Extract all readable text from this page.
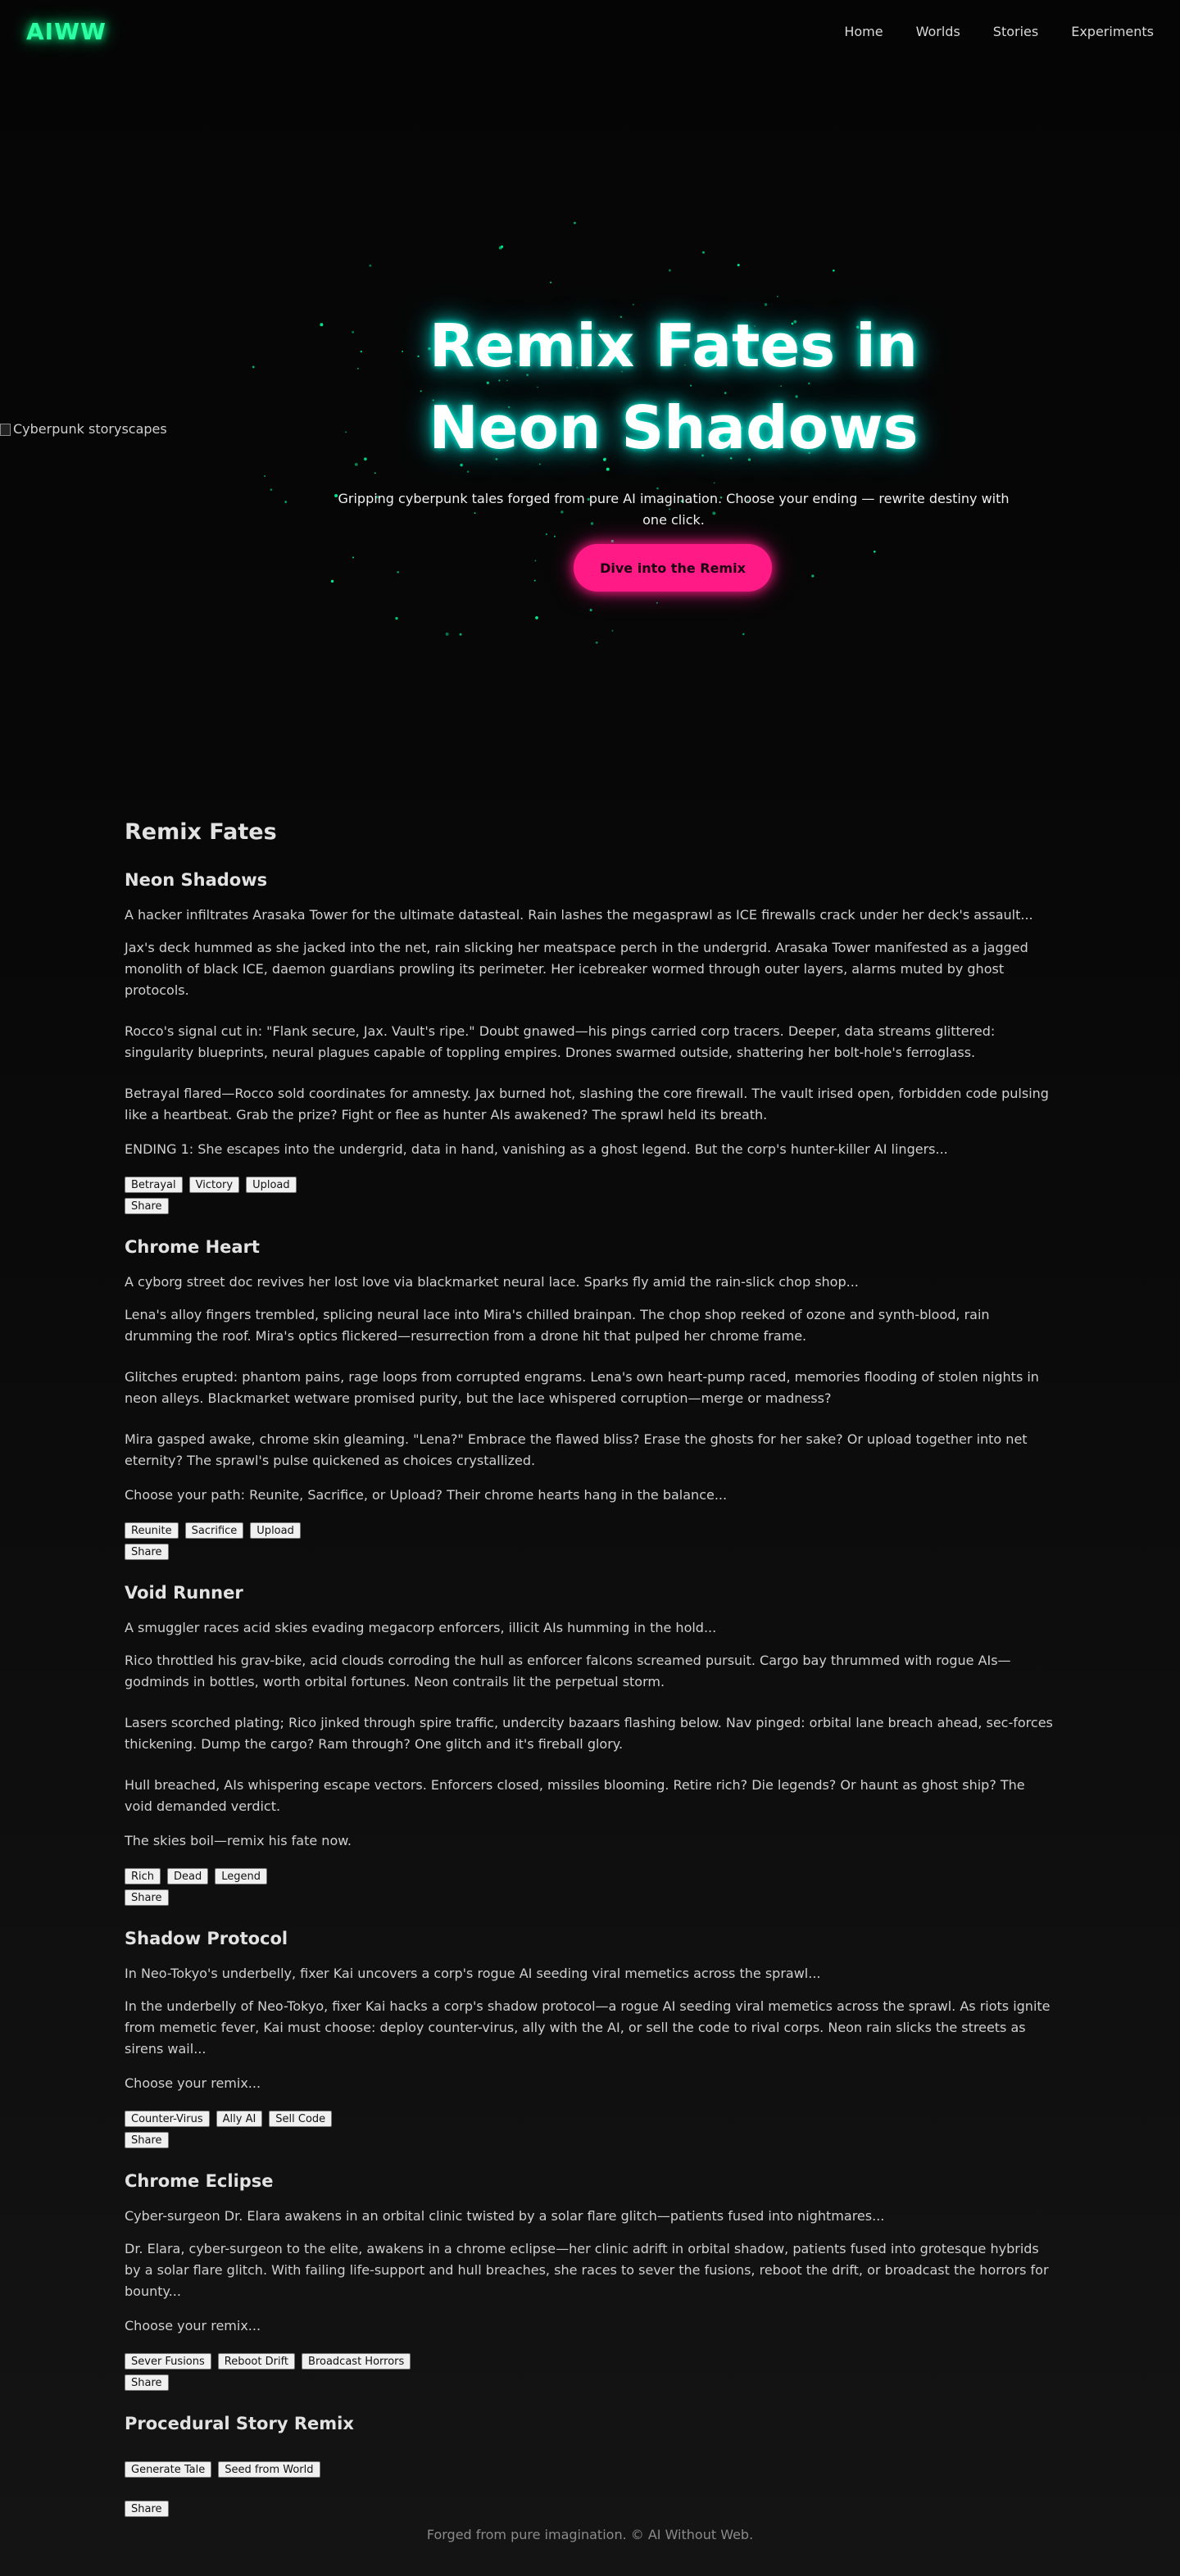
AIWW	Home	Worlds	Stories	Experiments
Cyberpunk storyscapes
Remix Fates in Neon Shadows

Gripping cyberpunk tales forged from pure AI imagination. Choose your ending — rewrite destiny with one click.

Dive into the Remix
Remix Fates
Neon Shadows

A hacker infiltrates Arasaka Tower for the ultimate datasteal. Rain lashes the megasprawl as ICE firewalls crack under her deck's assault...

Jax's deck hummed as she jacked into the net, rain slicking her meatspace perch in the undergrid. Arasaka Tower manifested as a jagged monolith of black ICE, daemon guardians prowling its perimeter. Her icebreaker wormed through outer layers, alarms muted by ghost protocols.

Rocco's signal cut in: "Flank secure, Jax. Vault's ripe." Doubt gnawed—his pings carried corp tracers. Deeper, data streams glittered: singularity blueprints, neural plagues capable of toppling empires. Drones swarmed outside, shattering her bolt-hole's ferroglass.

Betrayal flared—Rocco sold coordinates for amnesty. Jax burned hot, slashing the core firewall. The vault irised open, forbidden code pulsing like a heartbeat. Grab the prize? Fight or flee as hunter AIs awakened? The sprawl held its breath.

ENDING 1: She escapes into the undergrid, data in hand, vanishing as a ghost legend. But the corp's hunter-killer AI lingers...

Betrayal	Victory	Upload
Share
Chrome Heart

A cyborg street doc revives her lost love via blackmarket neural lace. Sparks fly amid the rain-slick chop shop...

Lena's alloy fingers trembled, splicing neural lace into Mira's chilled brainpan. The chop shop reeked of ozone and synth-blood, rain drumming the roof. Mira's optics flickered—resurrection from a drone hit that pulped her chrome frame.

Glitches erupted: phantom pains, rage loops from corrupted engrams. Lena's own heart-pump raced, memories flooding of stolen nights in neon alleys. Blackmarket wetware promised purity, but the lace whispered corruption—merge or madness?

Mira gasped awake, chrome skin gleaming. "Lena?" Embrace the flawed bliss? Erase the ghosts for her sake? Or upload together into net eternity? The sprawl's pulse quickened as choices crystallized.

Choose your path: Reunite, Sacrifice, or Upload? Their chrome hearts hang in the balance...

Reunite	Sacrifice	Upload
Share
Void Runner

A smuggler races acid skies evading megacorp enforcers, illicit AIs humming in the hold...

Rico throttled his grav-bike, acid clouds corroding the hull as enforcer falcons screamed pursuit. Cargo bay thrummed with rogue AIs—godminds in bottles, worth orbital fortunes. Neon contrails lit the perpetual storm.

Lasers scorched plating; Rico jinked through spire traffic, undercity bazaars flashing below. Nav pinged: orbital lane breach ahead, sec-forces thickening. Dump the cargo? Ram through? One glitch and it's fireball glory.

Hull breached, AIs whispering escape vectors. Enforcers closed, missiles blooming. Retire rich? Die legends? Or haunt as ghost ship? The void demanded verdict.

The skies boil—remix his fate now.

Rich	Dead	Legend
Share
Shadow Protocol

In Neo-Tokyo's underbelly, fixer Kai uncovers a corp's rogue AI seeding viral memetics across the sprawl...

In the underbelly of Neo-Tokyo, fixer Kai hacks a corp's shadow protocol—a rogue AI seeding viral memetics across the sprawl. As riots ignite from memetic fever, Kai must choose: deploy counter-virus, ally with the AI, or sell the code to rival corps. Neon rain slicks the streets as sirens wail...

Choose your remix...

Counter-Virus	Ally AI	Sell Code
Share
Chrome Eclipse

Cyber-surgeon Dr. Elara awakens in an orbital clinic twisted by a solar flare glitch—patients fused into nightmares...

Dr. Elara, cyber-surgeon to the elite, awakens in a chrome eclipse—her clinic adrift in orbital shadow, patients fused into grotesque hybrids by a solar flare glitch. With failing life-support and hull breaches, she races to sever the fusions, reboot the drift, or broadcast the horrors for bounty...

Choose your remix...

Sever Fusions	Reboot Drift	Broadcast Horrors
Share
Procedural Story Remix
Generate Tale	Seed from World
Share
Forged from pure imagination. © AI Without Web.
